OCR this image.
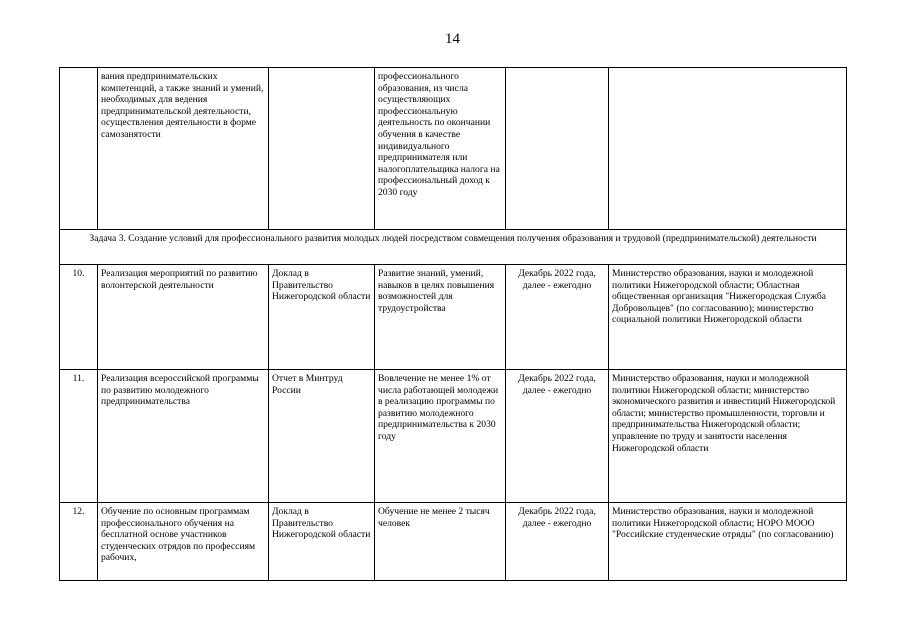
14
	вания предпринимательских компетенций, а также знаний и умений, необходимых для ведения предпринимательской деятельности, осуществления деятельности в форме самозанятости		профессионального образования, из числа осуществляющих профессиональную деятельность по окончании обучения в качестве индивидуального предпринимателя или налогоплательщика налога на профессиональный доход к 2030 году		
Задача 3. Создание условий для профессионального развития молодых людей посредством совмещения получения образования и трудовой (предпринимательской) деятельности					
10.	Реализация мероприятий по развитию волонтерской деятельности	Доклад в Правительство Нижегородской области	Развитие знаний, умений, навыков в целях повышения возможностей для трудоустройства	Декабрь 2022 года, далее - ежегодно	Министерство образования, науки и молодежной политики Нижегородской области; Областная общественная организация "Нижегородская Служба Добровольцев" (по согласованию); министерство социальной политики Нижегородской области
11.	Реализация всероссийской программы по развитию молодежного предпринимательства	Отчет в Минтруд России	Вовлечение не менее 1% от числа работающей молодежи в реализацию программы по развитию молодежного предпринимательства к 2030 году	Декабрь 2022 года, далее - ежегодно	Министерство образования, науки и молодежной политики Нижегородской области; министерство экономического развития и инвестиций Нижегородской области; министерство промышленности, торговли и предпринимательства Нижегородской области; управление по труду и занятости населения Нижегородской области
12.	Обучение по основным программам профессионального обучения на бесплатной основе участников студенческих отрядов по профессиям рабочих,	Доклад в Правительство Нижегородской области	Обучение не менее 2 тысяч человек	Декабрь 2022 года, далее - ежегодно	Министерство образования, науки и молодежной политики Нижегородской области; НОРО МООО "Российские студенческие отряды" (по согласованию)
